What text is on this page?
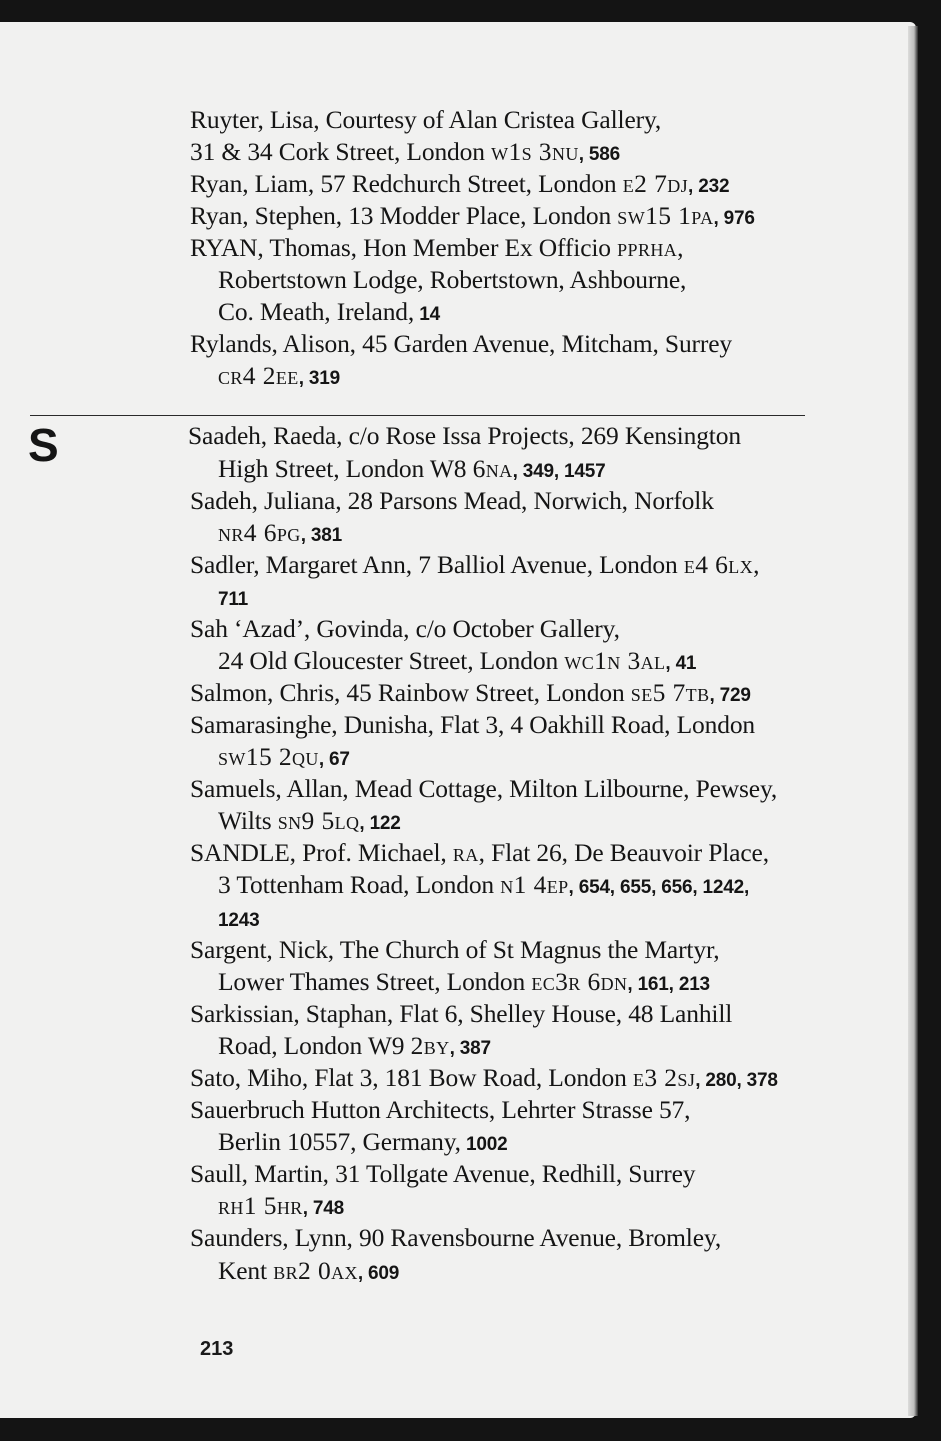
S
Ruyter, Lisa, Courtesy of Alan Cristea Gallery,
31 & 34 Cork Street, London w1s 3nu, 586
Ryan, Liam, 57 Redchurch Street, London e2 7dj, 232
Ryan, Stephen, 13 Modder Place, London sw15 1pa, 976
RYAN, Thomas, Hon Member Ex Officio pprha,
Robertstown Lodge, Robertstown, Ashbourne,
Co. Meath, Ireland, 14
Rylands, Alison, 45 Garden Avenue, Mitcham, Surrey
cr4 2ee, 319
Saadeh, Raeda, c/o Rose Issa Projects, 269 Kensington
High Street, London W8 6na, 349, 1457
Sadeh, Juliana, 28 Parsons Mead, Norwich, Norfolk
nr4 6pg, 381
Sadler, Margaret Ann, 7 Balliol Avenue, London e4 6lx,
711
Sah ‘Azad’, Govinda, c/o October Gallery,
24 Old Gloucester Street, London wc1n 3al, 41
Salmon, Chris, 45 Rainbow Street, London se5 7tb, 729
Samarasinghe, Dunisha, Flat 3, 4 Oakhill Road, London
sw15 2qu, 67
Samuels, Allan, Mead Cottage, Milton Lilbourne, Pewsey,
Wilts sn9 5lq, 122
SANDLE, Prof. Michael, ra, Flat 26, De Beauvoir Place,
3 Tottenham Road, London n1 4ep, 654, 655, 656, 1242,
1243
Sargent, Nick, The Church of St Magnus the Martyr,
Lower Thames Street, London ec3r 6dn, 161, 213
Sarkissian, Staphan, Flat 6, Shelley House, 48 Lanhill
Road, London W9 2by, 387
Sato, Miho, Flat 3, 181 Bow Road, London e3 2sj, 280, 378
Sauerbruch Hutton Architects, Lehrter Strasse 57,
Berlin 10557, Germany, 1002
Saull, Martin, 31 Tollgate Avenue, Redhill, Surrey
rh1 5hr, 748
Saunders, Lynn, 90 Ravensbourne Avenue, Bromley,
Kent br2 0ax, 609
213
